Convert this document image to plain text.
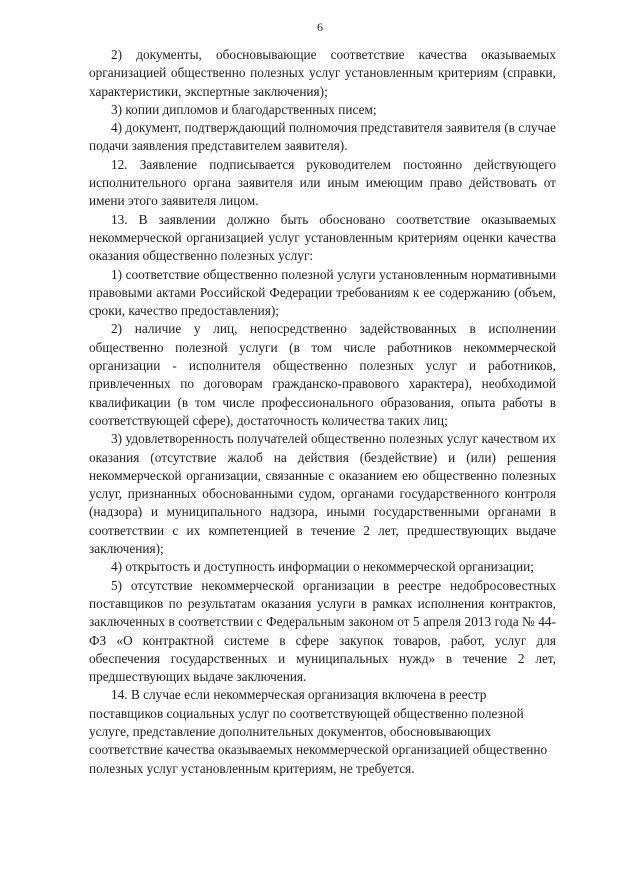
6

2) документы, обосновывающие соответствие качества оказываемых организацией общественно полезных услуг установленным критериям (справки, характеристики, экспертные заключения);

3) копии дипломов и благодарственных писем;

4) документ, подтверждающий полномочия представителя заявителя (в случае подачи заявления представителем заявителя).

12. Заявление подписывается руководителем постоянно действующего исполнительного органа заявителя или иным имеющим право действовать от имени этого заявителя лицом.

13. В заявлении должно быть обосновано соответствие оказываемых некоммерческой организацией услуг установленным критериям оценки качества оказания общественно полезных услуг:

1) соответствие общественно полезной услуги установленным нормативными правовыми актами Российской Федерации требованиям к ее содержанию (объем, сроки, качество предоставления);

2) наличие у лиц, непосредственно задействованных в исполнении общественно полезной услуги (в том числе работников некоммерческой организации - исполнителя общественно полезных услуг и работников, привлеченных по договорам гражданско-правового характера), необходимой квалификации (в том числе профессионального образования, опыта работы в соответствующей сфере), достаточность количества таких лиц;

3) удовлетворенность получателей общественно полезных услуг качеством их оказания (отсутствие жалоб на действия (бездействие) и (или) решения некоммерческой организации, связанные с оказанием ею общественно полезных услуг, признанных обоснованными судом, органами государственного контроля (надзора) и муниципального надзора, иными государственными органами в соответствии с их компетенцией в течение 2 лет, предшествующих выдаче заключения);

4) открытость и доступность информации о некоммерческой организации;

5) отсутствие некоммерческой организации в реестре недобросовестных поставщиков по результатам оказания услуги в рамках исполнения контрактов, заключенных в соответствии с Федеральным законом от 5 апреля 2013 года № 44-ФЗ «О контрактной системе в сфере закупок товаров, работ, услуг для обеспечения государственных и муниципальных нужд» в течение 2 лет, предшествующих выдаче заключения.

14. В случае если некоммерческая организация включена в реестр поставщиков социальных услуг по соответствующей общественно полезной услуге, представление дополнительных документов, обосновывающих соответствие качества оказываемых некоммерческой организацией общественно полезных услуг установленным критериям, не требуется.
